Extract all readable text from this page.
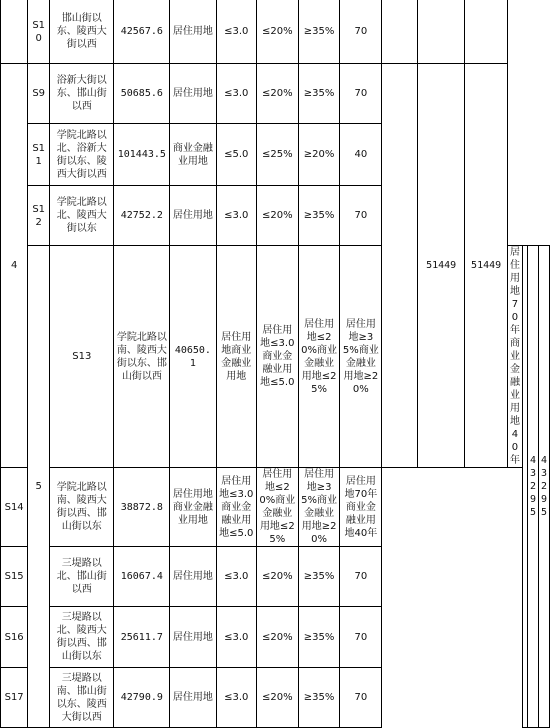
	S10	邯山街以东、陵西大街以西	42567.6	居住用地	≤3.0	≤20%	≥35%	70							
4	S9	浴新大街以东、邯山街以西	50685.6	居住用地	≤3.0	≤20%	≥35%	70		51449	51449				
	S11	学院北路以北、浴新大街以东、陵西大街以西	101443.5	商业金融业用地	≤5.0	≤25%	≥20%	40							
	S12	学院北路以北、陵西大街以东	42752.2	居住用地	≤3.0	≤20%	≥35%	70							
	5	S13	学院北路以南、陵西大街以东、邯山街以西	40650.1	居住用地商业金融业用地	居住用地≤3.0商业金融业用地≤5.0	居住用地≤20%商业金融业用地≤25%	居住用地≥35%商业金融业用地≥20%				居住用地70年商业金融业用地40年		43295	43295
S14		学院北路以南、陵西大街以西、邯山街以东	38872.8	居住用地商业金融业用地	居住用地≤3.0商业金融业用地≤5.0	居住用地≤20%商业金融业用地≤25%	居住用地≥35%商业金融业用地≥20%	居住用地70年商业金融业用地40年							
S15		三堤路以北、邯山街以西	16067.4	居住用地	≤3.0	≤20%	≥35%	70							
S16		三堤路以北、陵西大街以西、邯山街以东	25611.7	居住用地	≤3.0	≤20%	≥35%	70							
S17		三堤路以南、邯山街以东、陵西大街以西	42790.9	居住用地	≤3.0	≤20%	≥35%	70							
